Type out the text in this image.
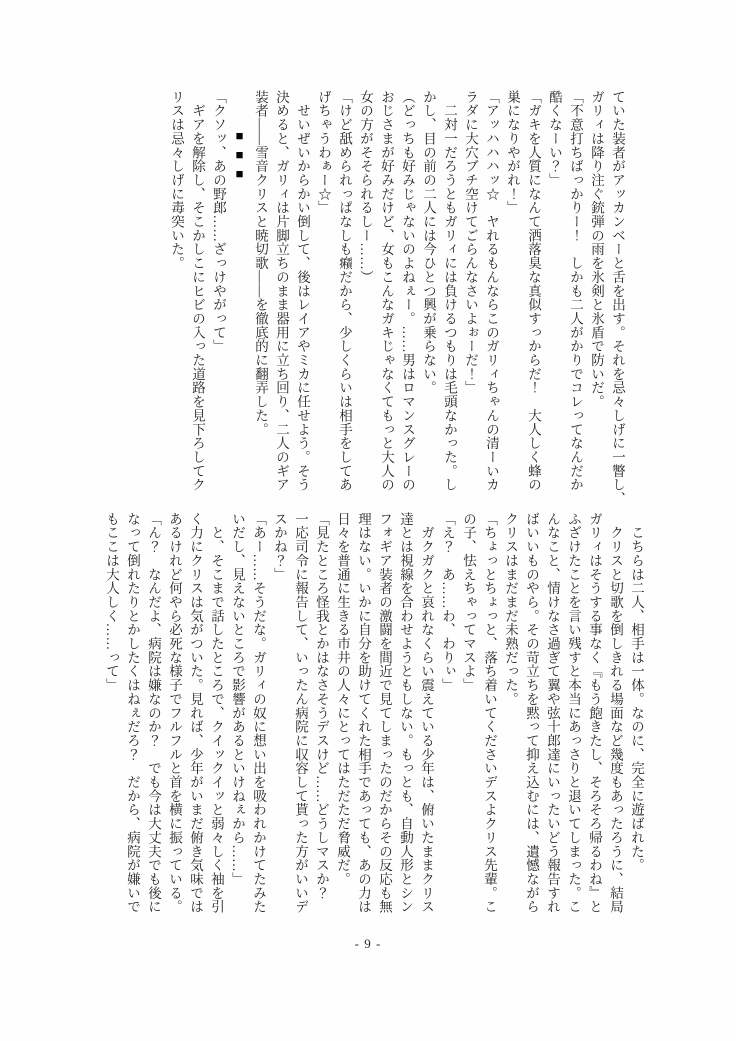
ていた装者がアッカンベーと舌を出す。それを忌々しげに一瞥し、
ガリィは降り注ぐ銃弾の雨を氷剣と氷盾で防いだ。
「不意打ちばっかりー！　しかも二人がかりでコレってなんだか
酷くなーい？」
「ガキを人質になんて洒落臭な真似すっからだ！　大人しく蜂の
巣になりやがれ！」
「アッハハハッ☆　ヤれるもんならこのガリィちゃんの清ーいカ
ラダに大穴ブチ空けてごらんなさいよぉーだ！」
　二対一だろうともガリィには負けるつもりは毛頭なかった。し
かし、目の前の二人には今ひとつ興が乗らない。
（どっちも好みじゃないのよねぇー。……男はロマンスグレーの
おじさまが好みだけど、女もこんなガキじゃなくてもっと大人の
女の方がそそられるしー……）
「けど舐められっぱなしも癪だから、少しくらいは相手をしてあ
げちゃうわぁー☆」
　せいぜいからかい倒して、後はレイアやミカに任せよう。そう
決めると、ガリィは片脚立ちのまま器用に立ち回り、二人のギア
装者――雪音クリスと暁切歌――を徹底的に翻弄した。
■■■
「クソッ、あの野郎……ざっけやがって」
　ギアを解除し、そこかしこにヒビの入った道路を見下ろしてク
リスは忌々しげに毒突いた。
　こちらは二人、相手は一体。なのに、完全に遊ばれた。
　クリスと切歌を倒しきれる場面など幾度もあったろうに、結局
ガリィはそうする事なく『もう飽きたし、そろそろ帰るわね』と
ふざけたことを言い残すと本当にあっさりと退いてしまった。こ
んなこと、情けなさ過ぎて翼や弦十郎達にいったいどう報告すれ
ばいいものやら。その苛立ちを黙って抑え込むには、遺憾ながら
クリスはまだまだ未熟だった。
「ちょっとちょっと、落ち着いてくださいデスよクリス先輩。こ
の子、怯えちゃってマスよ」
「え？　あ……わ、わりぃ」
　ガクガクと哀れなくらい震えている少年は、俯いたままクリス
達とは視線を合わせようともしない。もっとも、自動人形とシン
フォギア装者の激闘を間近で見てしまったのだからその反応も無
理はない。いかに自分を助けてくれた相手であっても、あの力は
日々を普通に生きる市井の人々にとってはただただ脅威だ。
「見たところ怪我とかはなさそうデスけど……どうしマスか？
一応司令に報告して、いったん病院に収容して貰った方がいいデ
スかね？」
「あー……そうだな。ガリィの奴に想い出を吸われかけてたみた
いだし、見えないところで影響があるといけねぇから……」
　と、そこまで話したところで、クイックイッと弱々しく袖を引
く力にクリスは気がついた。見れば、少年がいまだ俯き気味では
あるけれど何やら必死な様子でフルフルと首を横に振っている。
「ん？　なんだよ、病院は嫌なのか？　でも今は大丈夫でも後に
なって倒れたりとかしたくはねぇだろ？　だから、病院が嫌いで
もここは大人しく……って」
- 9 -
